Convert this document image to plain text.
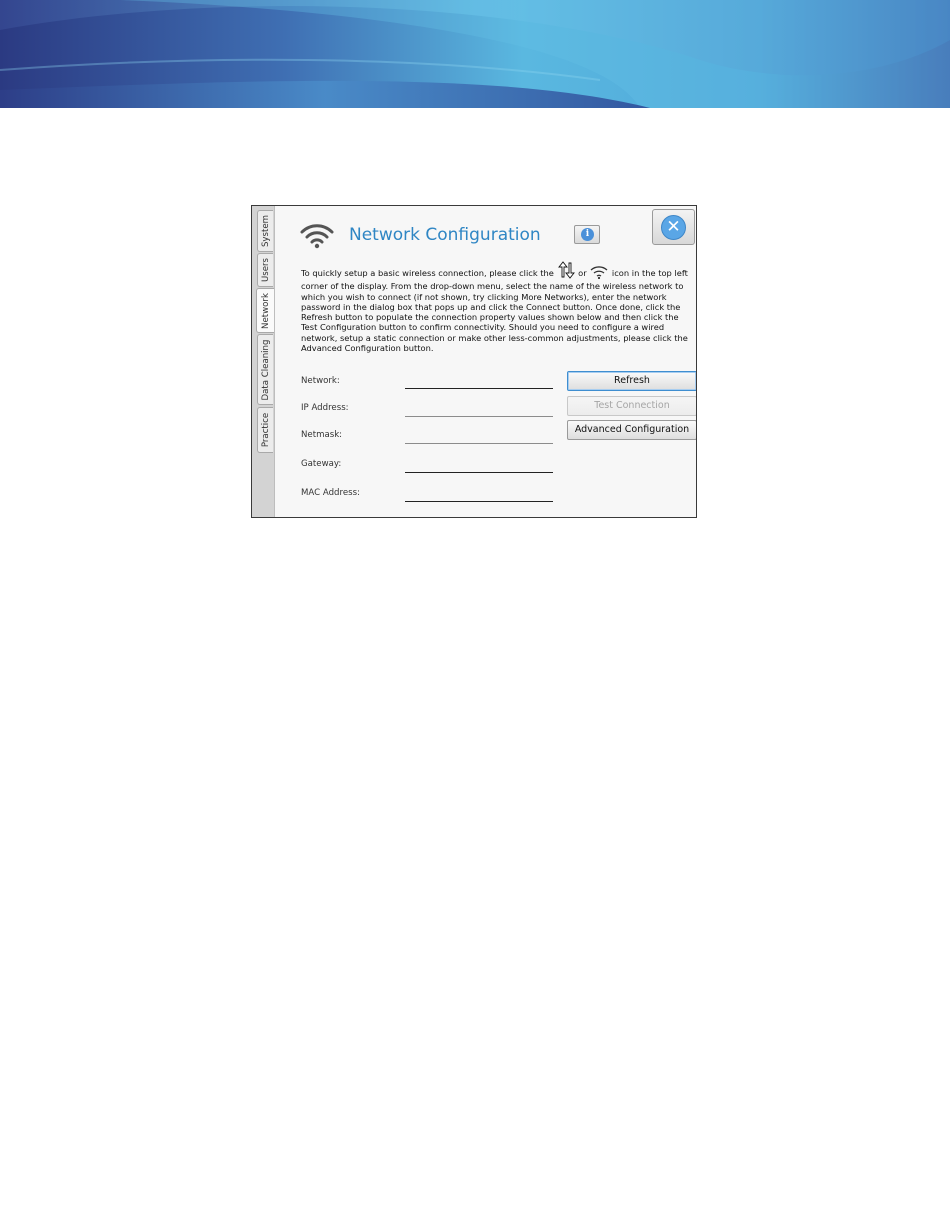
System
Users
Network
Data Cleaning
Practice
Network Configuration	i	✕
To quickly setup a basic wireless connection, please click the  or  icon in the top left corner of the display. From the drop-down menu, select the name of the wireless network to which you wish to connect (if not shown, try clicking More Networks), enter the network password in the dialog box that pops up and click the Connect button. Once done, click the Refresh button to populate the connection property values shown below and then click the Test Configuration button to confirm connectivity. Should you need to configure a wired network, setup a static connection or make other less-common adjustments, please click the Advanced Configuration button.
Network:
IP Address:
Netmask:
Gateway:
MAC Address:
Refresh
Test Connection
Advanced Configuration
